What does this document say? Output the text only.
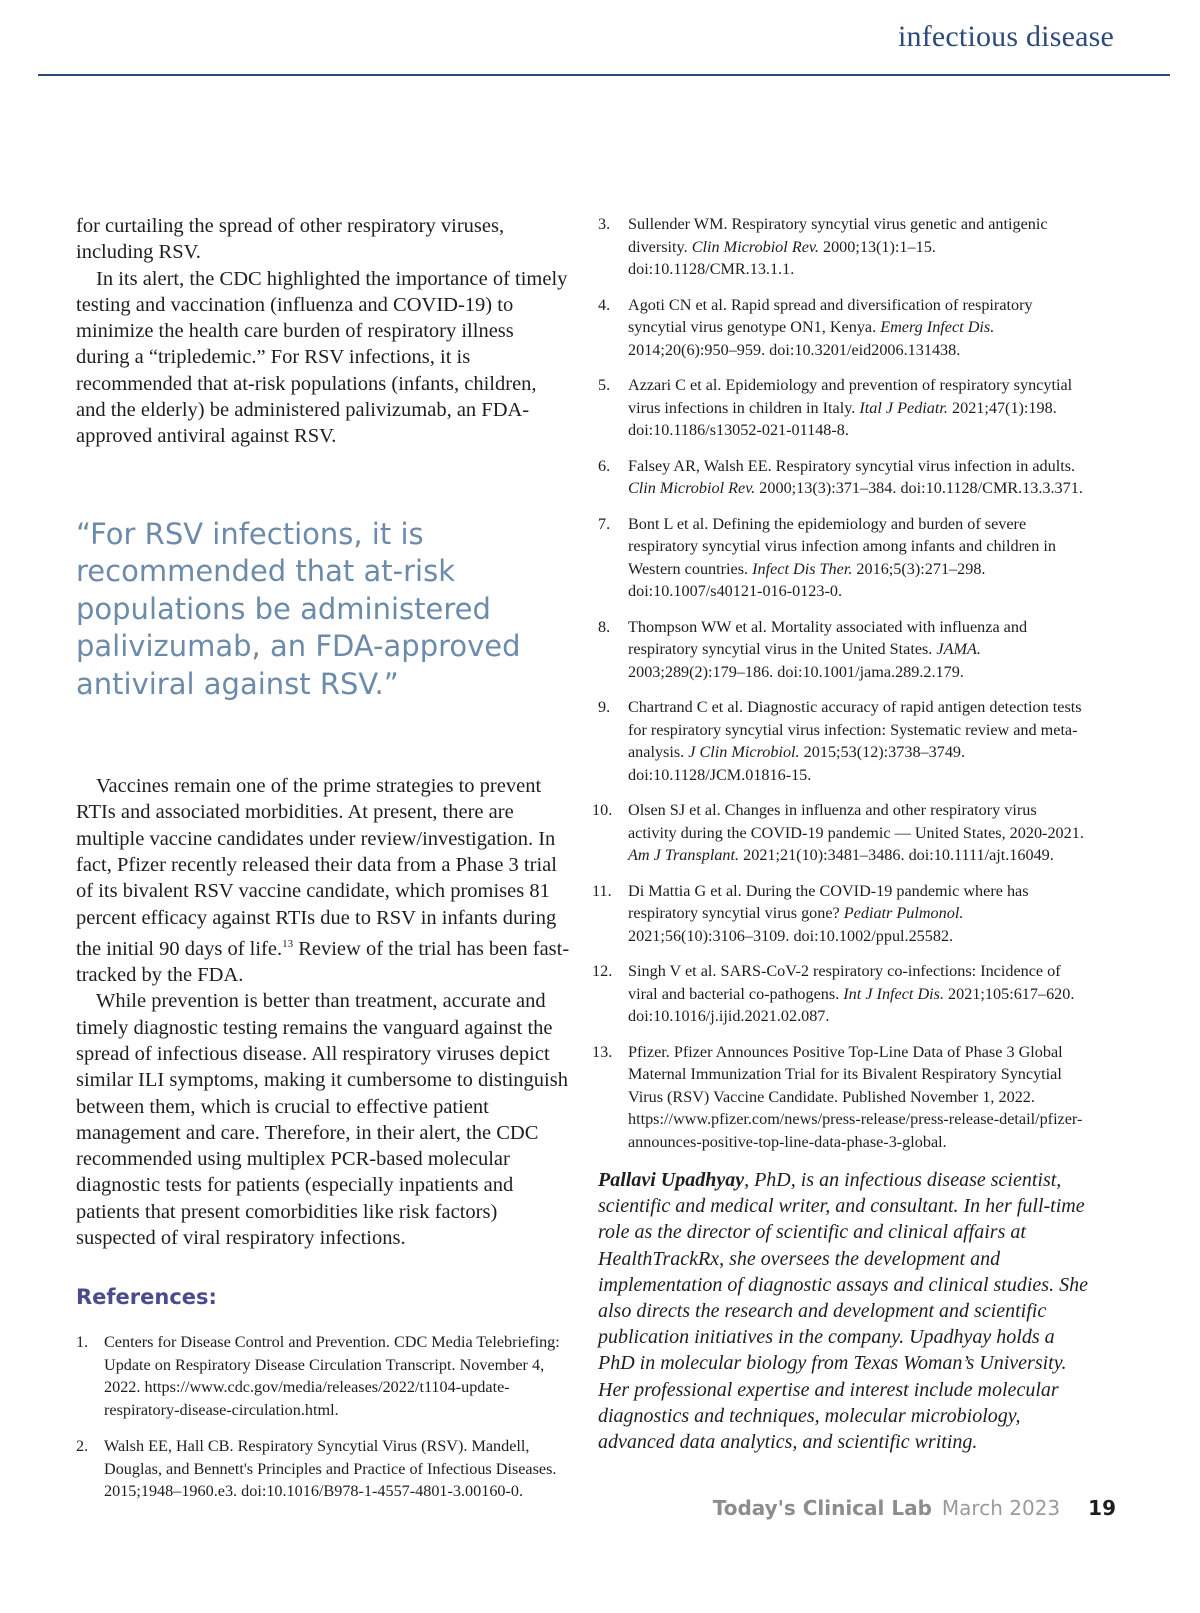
infectious disease

for curtailing the spread of other respiratory viruses, including RSV.

In its alert, the CDC highlighted the importance of timely testing and vaccination (influenza and COVID-19) to minimize the health care burden of respiratory illness during a “tripledemic.” For RSV infections, it is recommended that at-risk populations (infants, children, and the elderly) be administered palivizumab, an FDA-approved antiviral against RSV.

“For RSV infections, it is recommended that at-risk populations be administered palivizumab, an FDA-approved antiviral against RSV.”

Vaccines remain one of the prime strategies to prevent RTIs and associated morbidities. At present, there are multiple vaccine candidates under review/investigation. In fact, Pfizer recently released their data from a Phase 3 trial of its bivalent RSV vaccine candidate, which promises 81 percent efficacy against RTIs due to RSV in infants during the initial 90 days of life.$^{13}$ Review of the trial has been fast-tracked by the FDA.

While prevention is better than treatment, accurate and timely diagnostic testing remains the vanguard against the spread of infectious disease. All respiratory viruses depict similar ILI symptoms, making it cumbersome to distinguish between them, which is crucial to effective patient management and care. Therefore, in their alert, the CDC recommended using multiplex PCR-based molecular diagnostic tests for patients (especially inpatients and patients that present comorbidities like risk factors) suspected of viral respiratory infections.

References:
1. Centers for Disease Control and Prevention. CDC Media Telebriefing: Update on Respiratory Disease Circulation Transcript. November 4, 2022. https://www.cdc.gov/media/releases/2022/t1104-update-respiratory-disease-circulation.html.
2. Walsh EE, Hall CB. Respiratory Syncytial Virus (RSV). Mandell, Douglas, and Bennett's Principles and Practice of Infectious Diseases. 2015;1948–1960.e3. doi:10.1016/B978-1-4557-4801-3.00160-0.
3. Sullender WM. Respiratory syncytial virus genetic and antigenic diversity. Clin Microbiol Rev. 2000;13(1):1–15. doi:10.1128/CMR.13.1.1.
4. Agoti CN et al. Rapid spread and diversification of respiratory syncytial virus genotype ON1, Kenya. Emerg Infect Dis. 2014;20(6):950–959. doi:10.3201/eid2006.131438.
5. Azzari C et al. Epidemiology and prevention of respiratory syncytial virus infections in children in Italy. Ital J Pediatr. 2021;47(1):198. doi:10.1186/s13052-021-01148-8.
6. Falsey AR, Walsh EE. Respiratory syncytial virus infection in adults. Clin Microbiol Rev. 2000;13(3):371–384. doi:10.1128/CMR.13.3.371.
7. Bont L et al. Defining the epidemiology and burden of severe respiratory syncytial virus infection among infants and children in Western countries. Infect Dis Ther. 2016;5(3):271–298. doi:10.1007/s40121-016-0123-0.
8. Thompson WW et al. Mortality associated with influenza and respiratory syncytial virus in the United States. JAMA. 2003;289(2):179–186. doi:10.1001/jama.289.2.179.
9. Chartrand C et al. Diagnostic accuracy of rapid antigen detection tests for respiratory syncytial virus infection: Systematic review and meta-analysis. J Clin Microbiol. 2015;53(12):3738–3749. doi:10.1128/JCM.01816-15.
10. Olsen SJ et al. Changes in influenza and other respiratory virus activity during the COVID-19 pandemic — United States, 2020-2021. Am J Transplant. 2021;21(10):3481–3486. doi:10.1111/ajt.16049.
11. Di Mattia G et al. During the COVID-19 pandemic where has respiratory syncytial virus gone? Pediatr Pulmonol. 2021;56(10):3106–3109. doi:10.1002/ppul.25582.
12. Singh V et al. SARS-CoV-2 respiratory co-infections: Incidence of viral and bacterial co-pathogens. Int J Infect Dis. 2021;105:617–620. doi:10.1016/j.ijid.2021.02.087.
13. Pfizer. Pfizer Announces Positive Top-Line Data of Phase 3 Global Maternal Immunization Trial for its Bivalent Respiratory Syncytial Virus (RSV) Vaccine Candidate. Published November 1, 2022. https://www.pfizer.com/news/press-release/press-release-detail/pfizer-announces-positive-top-line-data-phase-3-global.
Pallavi Upadhyay, PhD, is an infectious disease scientist, scientific and medical writer, and consultant. In her full-time role as the director of scientific and clinical affairs at HealthTrackRx, she oversees the development and implementation of diagnostic assays and clinical studies. She also directs the research and development and scientific publication initiatives in the company. Upadhyay holds a PhD in molecular biology from Texas Woman’s University. Her professional expertise and interest include molecular diagnostics and techniques, molecular microbiology, advanced data analytics, and scientific writing.
Today's Clinical Lab March 2023 19
